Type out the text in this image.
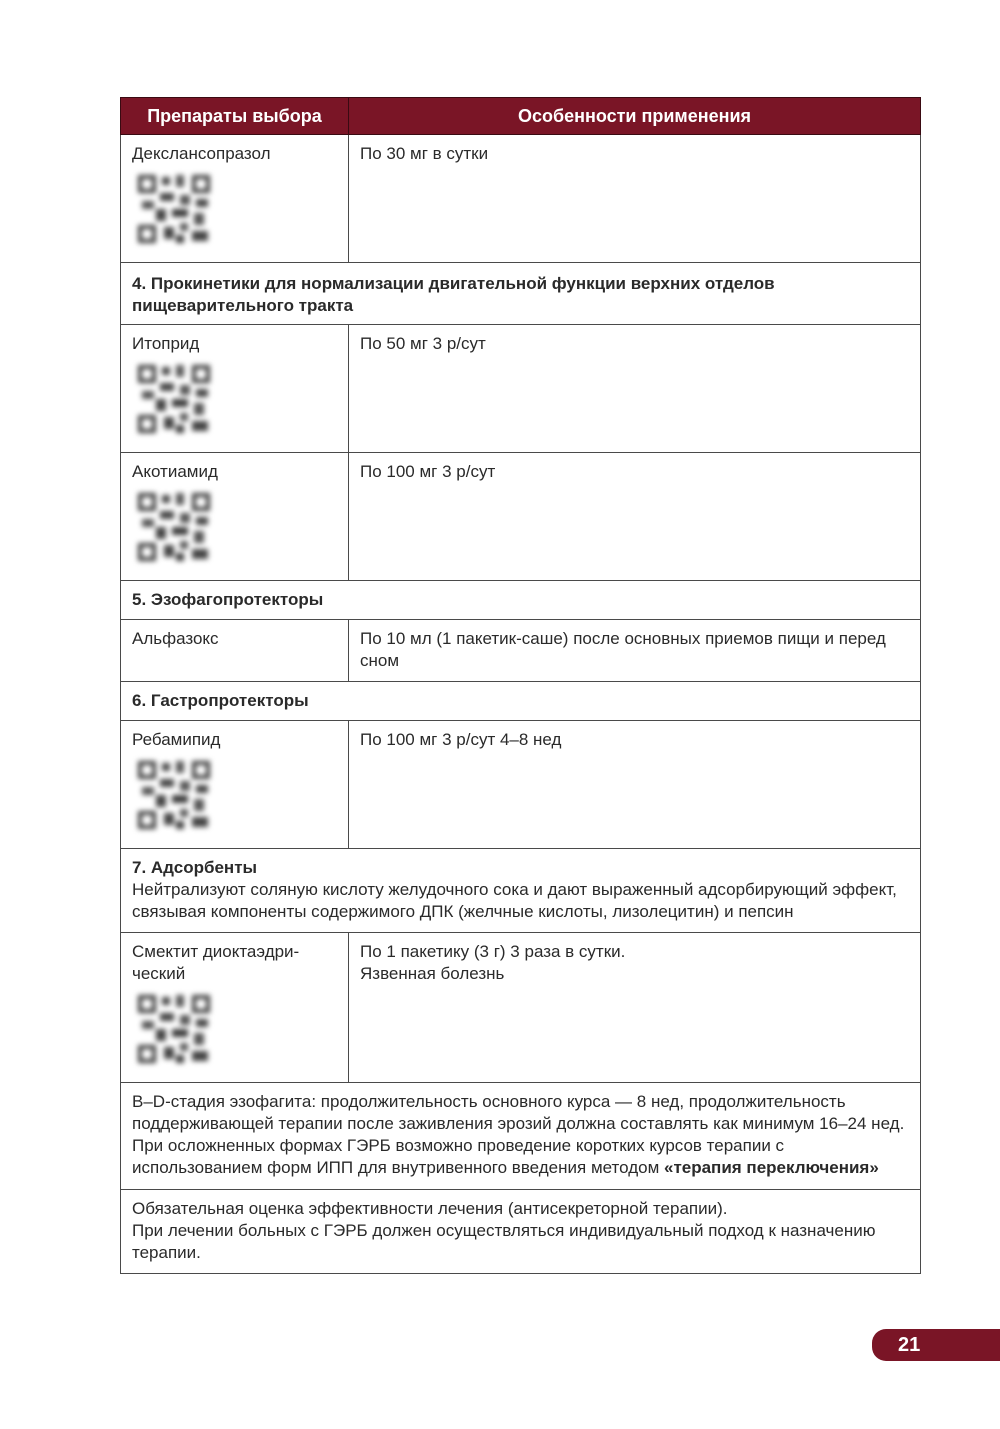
Препараты выбора	Особенности применения
Декслансопразол	По 30 мг в сутки
4. Прокинетики для нормализации двигательной функции верхних отделов пищеварительного тракта	
Итоприд	По 50 мг 3 р/сут
Акотиамид	По 100 мг 3 р/сут
5. Эзофагопротекторы	
Альфазокс	По 10 мл (1 пакетик-саше) после основных приемов пищи и перед сном
6. Гастропротекторы	
Ребамипид	По 100 мг 3 р/сут 4–8 нед
7. Адсорбенты
Нейтрализуют соляную кислоту желудочного сока и дают выраженный адсорбирующий эффект, связывая компоненты содержимого ДПК (желчные кислоты, лизолецитин) и пепсин	

Смектит диоктаэдри-ческий	По 1 пакетику (3 г) 3 раза в сутки.
Язвенная болезнь

B–D-стадия эзофагита: продолжительность основного курса — 8 нед, продолжительность поддерживающей терапии после заживления эрозий должна составлять как минимум 16–24 нед. При осложненных формах ГЭРБ возможно проведение коротких курсов терапии с использованием форм ИПП для внутривенного введения методом «терапия переключения»	

Обязательная оценка эффективности лечения (антисекреторной терапии).
При лечении больных с ГЭРБ должен осуществляться индивидуальный подход к назначению терапии.	
21
